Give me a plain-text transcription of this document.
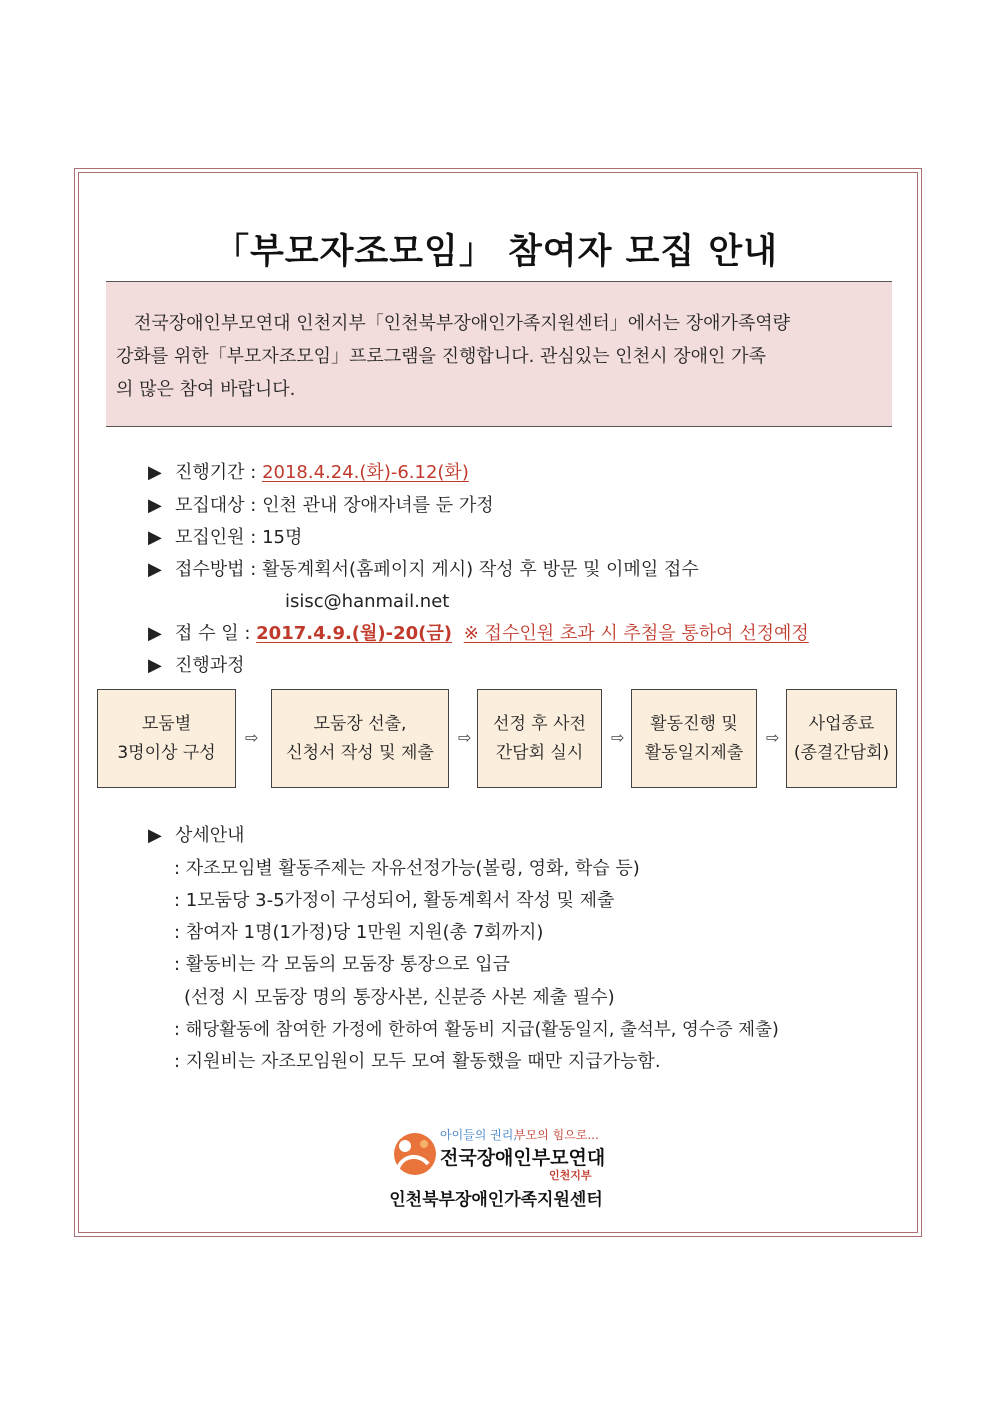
「부모자조모임」 참여자 모집 안내
전국장애인부모연대 인천지부「인천북부장애인가족지원센터」에서는 장애가족역량
강화를 위한「부모자조모임」프로그램을 진행합니다. 관심있는 인천시 장애인 가족
의 많은 참여 바랍니다.
▶ 진행기간 : 2018.4.24.(화)-6.12(화)
▶ 모집대상 : 인천 관내 장애자녀를 둔 가정
▶ 모집인원 : 15명
▶ 접수방법 : 활동계획서(홈페이지 게시) 작성 후 방문 및 이메일 접수
isisc@hanmail.net
▶ 접 수 일 : 2017.4.9.(월)-20(금) ※ 접수인원 초과 시 추첨을 통하여 선정예정
▶ 진행과정
모둠별
3명이상 구성
⇨
모둠장 선출,
신청서 작성 및 제출
⇨
선정 후 사전
간담회 실시
⇨
활동진행 및
활동일지제출
⇨
사업종료
(종결간담회)
▶ 상세안내
: 자조모임별 활동주제는 자유선정가능(볼링, 영화, 학습 등)
: 1모둠당 3-5가정이 구성되어, 활동계획서 작성 및 제출
: 참여자 1명(1가정)당 1만원 지원(총 7회까지)
: 활동비는 각 모둠의 모둠장 통장으로 입금
(선정 시 모둠장 명의 통장사본, 신분증 사본 제출 필수)
: 해당활동에 참여한 가정에 한하여 활동비 지급(활동일지, 출석부, 영수증 제출)
: 지원비는 자조모임원이 모두 모여 활동했을 때만 지급가능함.
아이들의 권리,
부모의 힘으로...
전국장애인부모연대
인천지부
인천북부장애인가족지원센터
